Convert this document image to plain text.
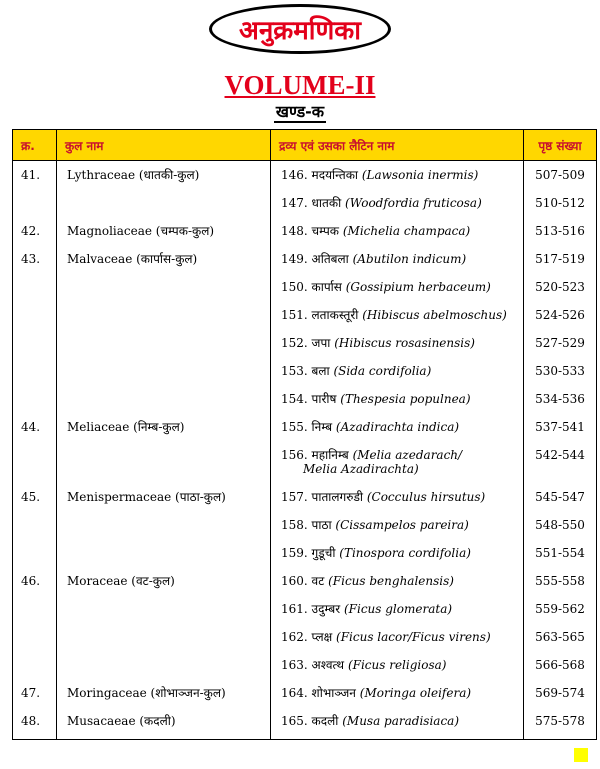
अनुक्रमणिका
VOLUME-II
खण्ड-क
क्र.	कुल नाम	द्रव्य एवं उसका लैटिन नाम	पृष्ठ संख्या

41.	Lythraceae (धातकी-कुल)	146. मदयन्तिका (Lawsonia inermis)	507-509

		147. धातकी (Woodfordia fruticosa)	510-512

42.	Magnoliaceae (चम्पक-कुल)	148. चम्पक (Michelia champaca)	513-516

43.	Malvaceae (कार्पास-कुल)	149. अतिबला (Abutilon indicum)	517-519

		150. कार्पास (Gossipium herbaceum)	520-523

		151. लताकस्तूरी (Hibiscus abelmoschus)	524-526

		152. जपा (Hibiscus rosasinensis)	527-529

		153. बला (Sida cordifolia)	530-533

		154. पारीष (Thespesia populnea)	534-536

44.	Meliaceae (निम्ब-कुल)	155. निम्ब (Azadirachta indica)	537-541

		156. महानिम्ब (Melia azedarach/
Melia Azadirachta)	542-544

45.	Menispermaceae (पाठा-कुल)	157. पातालगरुडी (Cocculus hirsutus)	545-547

		158. पाठा (Cissampelos pareira)	548-550

		159. गुडूची (Tinospora cordifolia)	551-554

46.	Moraceae (वट-कुल)	160. वट (Ficus benghalensis)	555-558

		161. उदुम्बर (Ficus glomerata)	559-562

		162. प्लक्ष (Ficus lacor/Ficus virens)	563-565

		163. अश्वत्थ (Ficus religiosa)	566-568

47.	Moringaceae (शोभाञ्जन-कुल)	164. शोभाञ्जन (Moringa oleifera)	569-574

48.	Musacaeae (कदली)	165. कदली (Musa paradisiaca)	575-578
